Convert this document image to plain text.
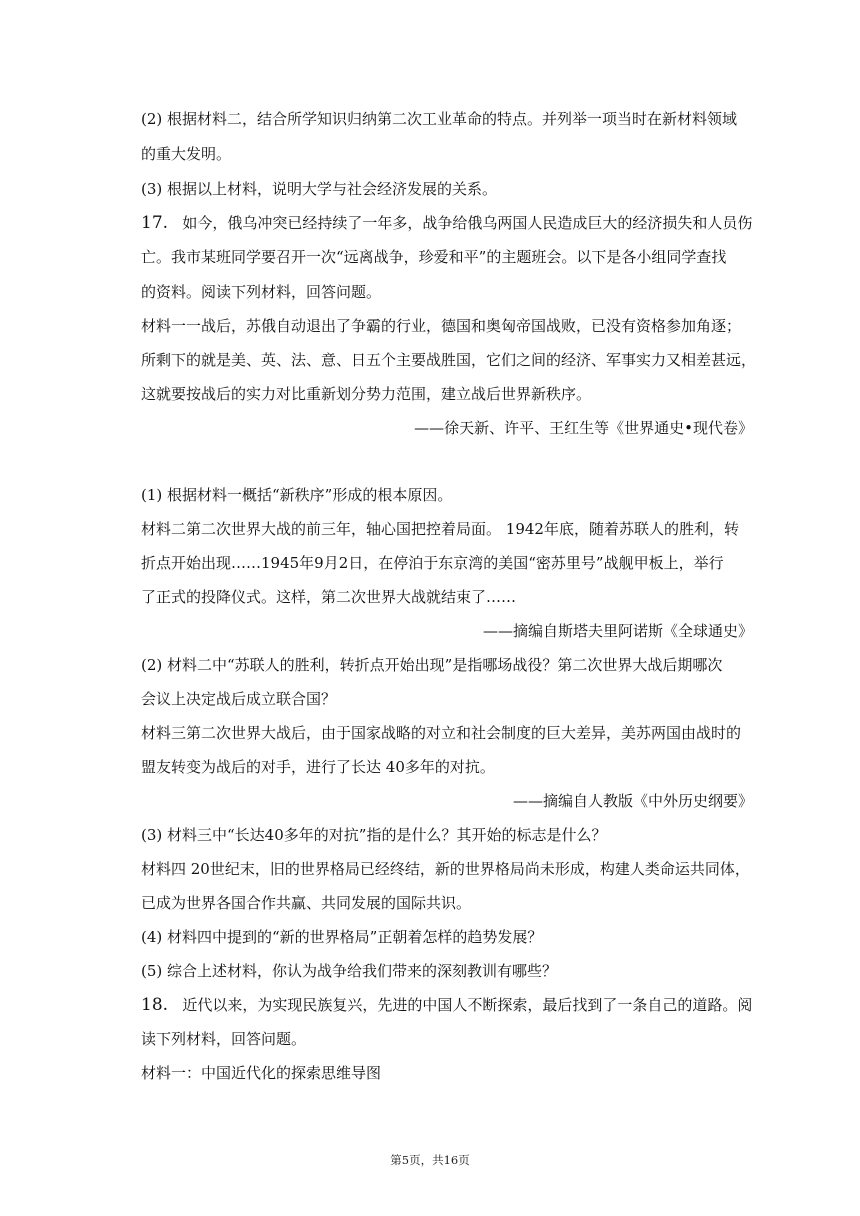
(2) 根据材料二，结合所学知识归纳第二次工业革命的特点。并列举一项当时在新材料领域
的重大发明。
(3) 根据以上材料，说明大学与社会经济发展的关系。
17. 如今，俄乌冲突已经持续了一年多，战争给俄乌两国人民造成巨大的经济损失和人员伤
亡。我市某班同学要召开一次“远离战争，珍爱和平”的主题班会。以下是各小组同学查找
的资料。阅读下列材料，回答问题。
材料一一战后，苏俄自动退出了争霸的行业，德国和奥匈帝国战败，已没有资格参加角逐；
所剩下的就是美、英、法、意、日五个主要战胜国，它们之间的经济、军事实力又相差甚远，
这就要按战后的实力对比重新划分势力范围，建立战后世界新秩序。
——徐天新、许平、王红生等《世界通史•现代卷》
(1) 根据材料一概括“新秩序”形成的根本原因。
材料二第二次世界大战的前三年，轴心国把控着局面。 1942年底，随着苏联人的胜利，转
折点开始出现……1945年9月2日，在停泊于东京湾的美国“密苏里号”战舰甲板上，举行
了正式的投降仪式。这样，第二次世界大战就结束了……
——摘编自斯塔夫里阿诺斯《全球通史》
(2) 材料二中“苏联人的胜利，转折点开始出现”是指哪场战役？第二次世界大战后期哪次
会议上决定战后成立联合国？
材料三第二次世界大战后，由于国家战略的对立和社会制度的巨大差异，美苏两国由战时的
盟友转变为战后的对手，进行了长达 40多年的对抗。
——摘编自人教版《中外历史纲要》
(3) 材料三中“长达40多年的对抗”指的是什么？其开始的标志是什么？
材料四 20世纪末，旧的世界格局已经终结，新的世界格局尚未形成，构建人类命运共同体，
已成为世界各国合作共赢、共同发展的国际共识。
(4) 材料四中提到的“新的世界格局”正朝着怎样的趋势发展？
(5) 综合上述材料，你认为战争给我们带来的深刻教训有哪些？
18. 近代以来，为实现民族复兴，先进的中国人不断探索，最后找到了一条自己的道路。阅
读下列材料，回答问题。
材料一：中国近代化的探索思维导图
第5页，共16页
